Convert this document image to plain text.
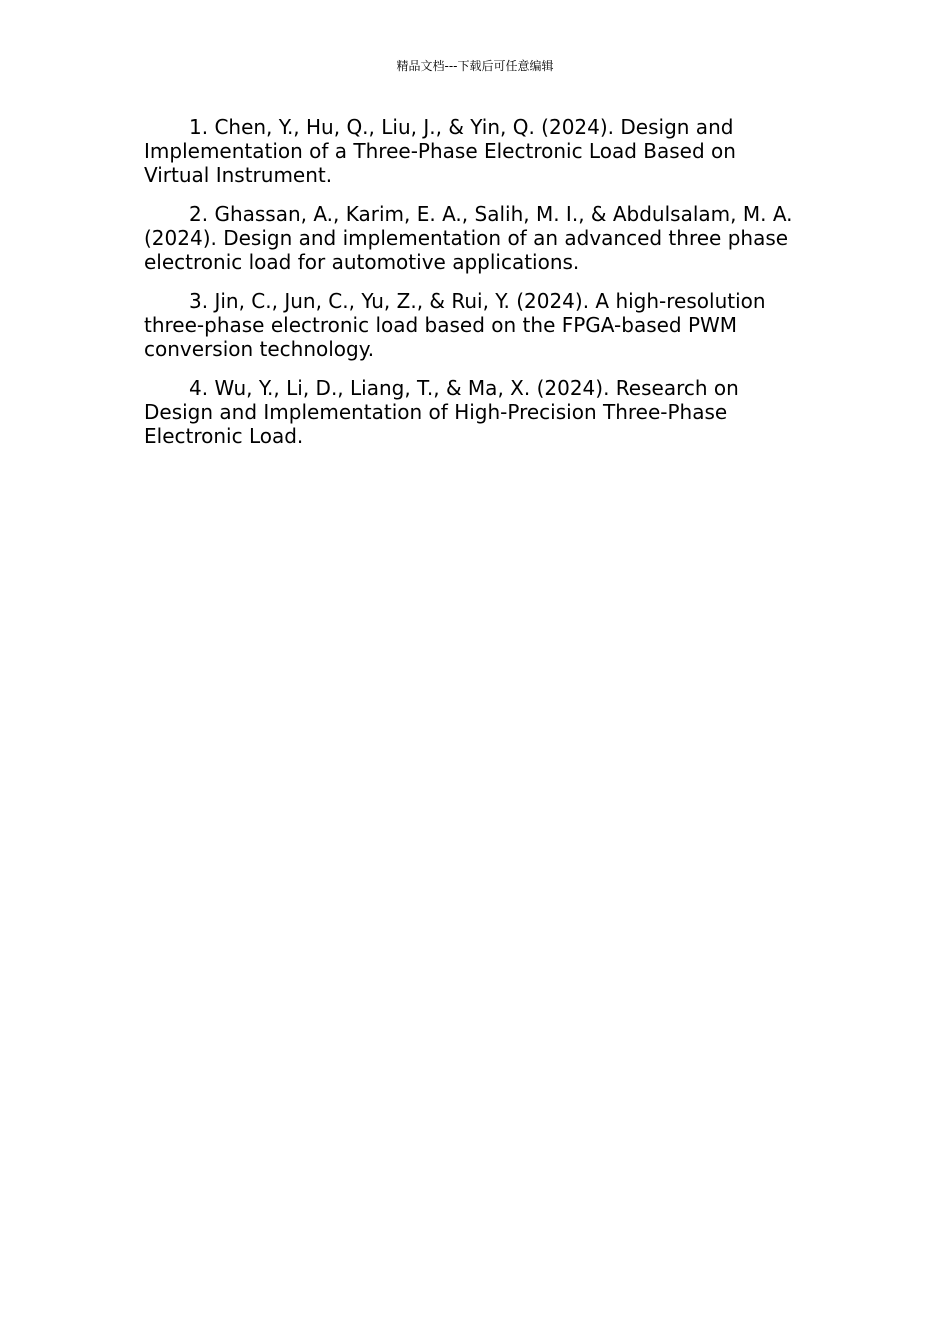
精品文档---下载后可任意编辑

1. Chen, Y., Hu, Q., Liu, J., & Yin, Q. (2024). Design and Implementation of a Three-Phase Electronic Load Based on Virtual Instrument.

2. Ghassan, A., Karim, E. A., Salih, M. I., & Abdulsalam, M. A. (2024). Design and implementation of an advanced three phase electronic load for automotive applications.

3. Jin, C., Jun, C., Yu, Z., & Rui, Y. (2024). A high-resolution three-phase electronic load based on the FPGA-based PWM conversion technology.

4. Wu, Y., Li, D., Liang, T., & Ma, X. (2024). Research on Design and Implementation of High-Precision Three-Phase Electronic Load.
